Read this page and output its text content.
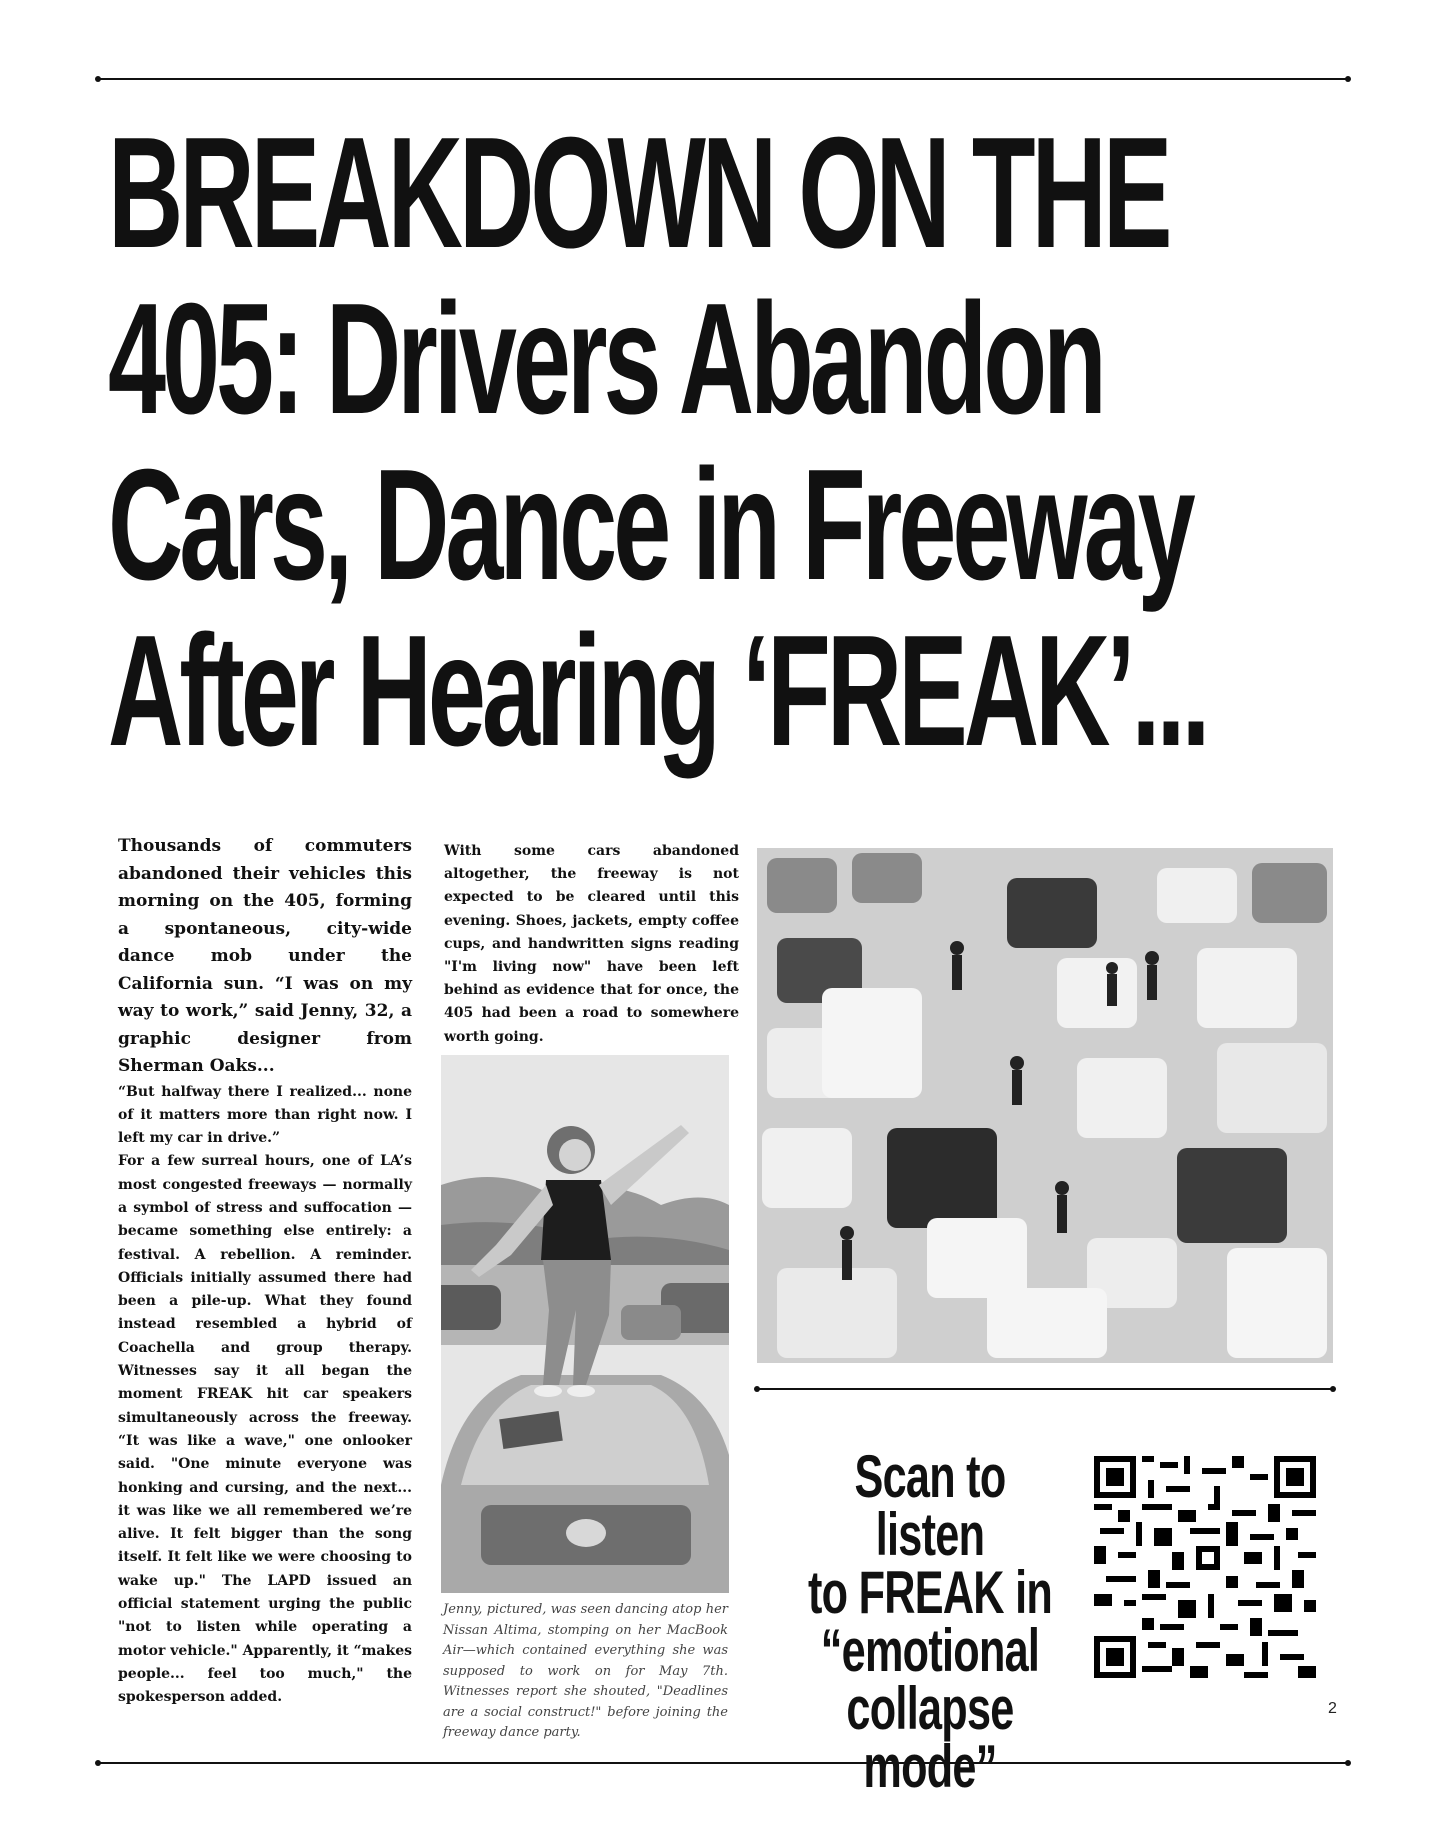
BREAKDOWN ON THE
405: Drivers Abandon
Cars, Dance in Freeway
After Hearing ‘FREAK’...

Thousands of commuters abandoned their vehicles this morning on the 405, forming a spontaneous, city-wide dance mob under the California sun. “I was on my way to work,” said Jenny, 32, a graphic designer from Sherman Oaks...

“But halfway there I realized... none of it matters more than right now. I left my car in drive.”

For a few surreal hours, one of LA’s most congested freeways — normally a symbol of stress and suffocation — became something else entirely: a festival. A rebellion. A reminder. Officials initially assumed there had been a pile-up. What they found instead resembled a hybrid of Coachella and group therapy. Witnesses say it all began the moment FREAK hit car speakers simultaneously across the freeway. “It was like a wave," one onlooker said. "One minute everyone was honking and cursing, and the next... it was like we all remembered we’re alive. It felt bigger than the song itself. It felt like we were choosing to wake up." The LAPD issued an official statement urging the public "not to listen while operating a motor vehicle." Apparently, it “makes people... feel too much," the spokesperson added.

With some cars abandoned altogether, the freeway is not expected to be cleared until this evening. Shoes, jackets, empty coffee cups, and handwritten signs reading "I'm living now" have been left behind as evidence that for once, the 405 had been a road to somewhere worth going.

Jenny, pictured, was seen dancing atop her Nissan Altima, stomping on her MacBook Air—which contained everything she was supposed to work on for May 7th. Witnesses report she shouted, "Deadlines are a social construct!" before joining the freeway dance party.

Scan to listen
to FREAK in
“emotional
collapse mode”

2
